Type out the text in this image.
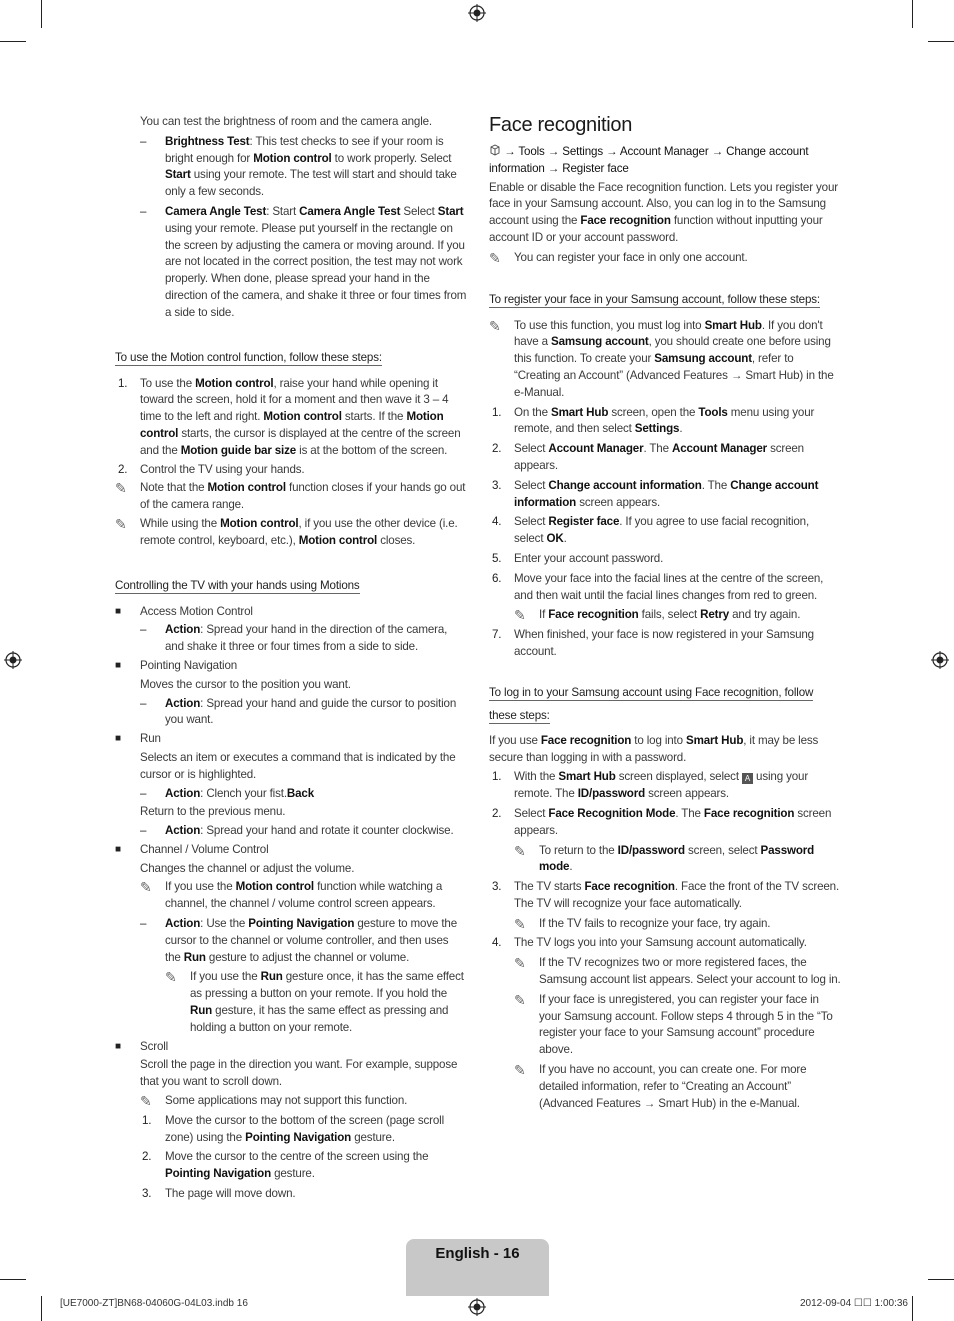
You can test the brightness of room and the camera angle.

– Brightness Test: This test checks to see if your room is bright enough for Motion control to work properly. Select Start using your remote. The test will start and should take only a few seconds.
– Camera Angle Test: Start Camera Angle Test Select Start using your remote. Please put yourself in the rectangle on the screen by adjusting the camera or moving around. If you are not located in the correct position, the test may not work properly. When done, please spread your hand in the direction of the camera, and shake it three or four times from a side to side.
To use the Motion control function, follow these steps:
1. To use the Motion control, raise your hand while opening it toward the screen, hold it for a moment and then wave it 3 – 4 time to the left and right. Motion control starts. If the Motion control starts, the cursor is displayed at the centre of the screen and the Motion guide bar size is at the bottom of the screen.
2. Control the TV using your hands.
✎ Note that the Motion control function closes if your hands go out of the camera range.
✎ While using the Motion control, if you use the other device (i.e. remote control, keyboard, etc.), Motion control closes.
Controlling the TV with your hands using Motions
■ Access Motion Control
– Action: Spread your hand in the direction of the camera, and shake it three or four times from a side to side.
■ Pointing Navigation

Moves the cursor to the position you want.

– Action: Spread your hand and guide the cursor to position you want.
■ Run

Selects an item or executes a command that is indicated by the cursor or is highlighted.

– Action: Clench your fist.Back

Return to the previous menu.

– Action: Spread your hand and rotate it counter clockwise.
■ Channel / Volume Control

Changes the channel or adjust the volume.

✎ If you use the Motion control function while watching a channel, the channel / volume control screen appears.
– Action: Use the Pointing Navigation gesture to move the cursor to the channel or volume controller, and then uses the Run gesture to adjust the channel or volume.
✎ If you use the Run gesture once, it has the same effect as pressing a button on your remote. If you hold the Run gesture, it has the same effect as pressing and holding a button on your remote.
■ Scroll

Scroll the page in the direction you want. For example, suppose that you want to scroll down.

✎ Some applications may not support this function.
1. Move the cursor to the bottom of the screen (page scroll zone) using the Pointing Navigation gesture.
2. Move the cursor to the centre of the screen using the Pointing Navigation gesture.
3. The page will move down.
Face recognition

→ Tools → Settings → Account Manager → Change account
information → Register face

Enable or disable the Face recognition function. Lets you register your face in your Samsung account. Also, you can log in to the Samsung account using the Face recognition function without inputting your account ID or your account password.

✎ You can register your face in only one account.
To register your face in your Samsung account, follow these steps:
✎ To use this function, you must log into Smart Hub. If you don't have a Samsung account, you should create one before using this function. To create your Samsung account, refer to “Creating an Account” (Advanced Features → Smart Hub) in the e-Manual.
1. On the Smart Hub screen, open the Tools menu using your remote, and then select Settings.
2. Select Account Manager. The Account Manager screen appears.
3. Select Change account information. The Change account information screen appears.
4. Select Register face. If you agree to use facial recognition, select OK.
5. Enter your account password.
6. Move your face into the facial lines at the centre of the screen, and then wait until the facial lines changes from red to green.
✎ If Face recognition fails, select Retry and try again.
7. When finished, your face is now registered in your Samsung account.
To log in to your Samsung account using Face recognition, follow
these steps:

If you use Face recognition to log into Smart Hub, it may be less secure than logging in with a password.

1. With the Smart Hub screen displayed, select A using your remote. The ID/password screen appears.
2. Select Face Recognition Mode. The Face recognition screen appears.
✎ To return to the ID/password screen, select Password mode.
3. The TV starts Face recognition. Face the front of the TV screen. The TV will recognize your face automatically.
✎ If the TV fails to recognize your face, try again.
4. The TV logs you into your Samsung account automatically.
✎ If the TV recognizes two or more registered faces, the Samsung account list appears. Select your account to log in.
✎ If your face is unregistered, you can register your face in your Samsung account. Follow steps 4 through 5 in the “To register your face to your Samsung account” procedure above.
✎ If you have no account, you can create one. For more detailed information, refer to “Creating an Account” (Advanced Features → Smart Hub) in the e-Manual.
English - 16
[UE7000-ZT]BN68-04060G-04L03.indb 16	2012-09-04 ☐☐ 1:00:36
